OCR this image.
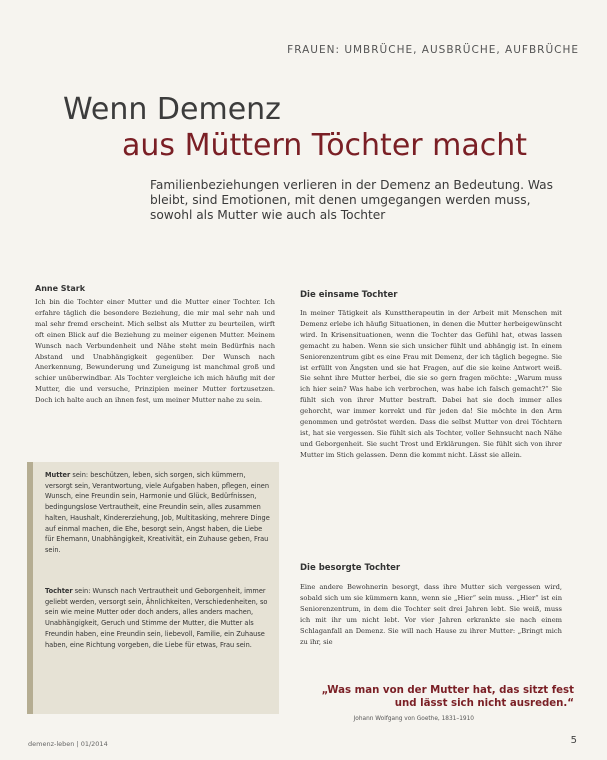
FRAUEN: UMBRÜCHE, AUSBRÜCHE, AUFBRÜCHE
Wenn Demenz
aus Müttern Töchter macht
Familienbeziehungen verlieren in der Demenz an Bedeutung. Was bleibt, sind Emotionen, mit denen umgegangen werden muss, sowohl als Mutter wie auch als Tochter
Anne Stark
Ich bin die Tochter einer Mutter und die Mutter einer Tochter. Ich erfahre täglich die besondere Beziehung, die mir mal sehr nah und mal sehr fremd erscheint. Mich selbst als Mutter zu beurteilen, wirft oft einen Blick auf die Beziehung zu meiner eigenen Mutter. Meinem Wunsch nach Verbundenheit und Nähe steht mein Bedürfnis nach Abstand und Unabhängigkeit gegenüber. Der Wunsch nach Anerkennung, Bewunderung und Zuneigung ist manchmal groß und schier unüberwindbar. Als Tochter vergleiche ich mich häufig mit der Mutter, die und versuche, Prinzipien meiner Mutter fortzusetzen. Doch ich halte auch an ihnen fest, um meiner Mutter nahe zu sein.
Die einsame Tochter
In meiner Tätigkeit als Kunsttherapeutin in der Arbeit mit Menschen mit Demenz erlebe ich häufig Situationen, in denen die Mutter herbeigewünscht wird. In Krisensituationen, wenn die Tochter das Gefühl hat, etwas lassen gemacht zu haben. Wenn sie sich unsicher fühlt und abhängig ist. In einem Seniorenzentrum gibt es eine Frau mit Demenz, der ich täglich begegne. Sie ist erfüllt von Ängsten und sie hat Fragen, auf die sie keine Antwort weiß. Sie sehnt ihre Mutter herbei, die sie so gern fragen möchte: „Warum muss ich hier sein? Was habe ich verbrochen, was habe ich falsch gemacht?“ Sie fühlt sich von ihrer Mutter bestraft. Dabei hat sie doch immer alles gehorcht, war immer korrekt und für jeden da! Sie möchte in den Arm genommen und getröstet werden. Dass die selbst Mutter von drei Töchtern ist, hat sie vergessen. Sie fühlt sich als Tochter, voller Sehnsucht nach Nähe und Geborgenheit. Sie sucht Trost und Erklärungen. Sie fühlt sich von ihrer Mutter im Stich gelassen. Denn die kommt nicht. Lässt sie allein.
Die besorgte Tochter
Eine andere Bewohnerin besorgt, dass ihre Mutter sich vergessen wird, sobald sich um sie kümmern kann, wenn sie „Hier“ sein muss. „Hier“ ist ein Seniorenzentrum, in dem die Tochter seit drei Jahren lebt. Sie weiß, muss ich mit ihr um nicht lebt. Vor vier Jahren erkrankte sie nach einem Schlaganfall an Demenz. Sie will nach Hause zu ihrer Mutter: „Bringt mich zu ihr, sie
Mutter sein: beschützen, leben, sich sorgen, sich kümmern, versorgt sein, Verantwortung, viele Aufgaben haben, pflegen, einen Wunsch, eine Freundin sein, Harmonie und Glück, Bedürfnissen, bedingungslose Vertrautheit, eine Freundin sein, alles zusammen halten, Haushalt, Kindererziehung, Job, Multitasking, mehrere Dinge auf einmal machen, die Ehe, besorgt sein, Angst haben, die Liebe für Ehemann, Unabhängigkeit, Kreativität, ein Zuhause geben, Frau sein.
Tochter sein: Wunsch nach Vertrautheit und Geborgenheit, immer geliebt werden, versorgt sein, Ähnlichkeiten, Verschiedenheiten, so sein wie meine Mutter oder doch anders, alles anders machen, Unabhängigkeit, Geruch und Stimme der Mutter, die Mutter als Freundin haben, eine Freundin sein, liebevoll, Familie, ein Zuhause haben, eine Richtung vorgeben, die Liebe für etwas, Frau sein.
„Was man von der Mutter hat, das sitzt fest und lässt sich nicht ausreden.“
Johann Wolfgang von Goethe, 1831–1910
demenz-leben | 01/2014	5
